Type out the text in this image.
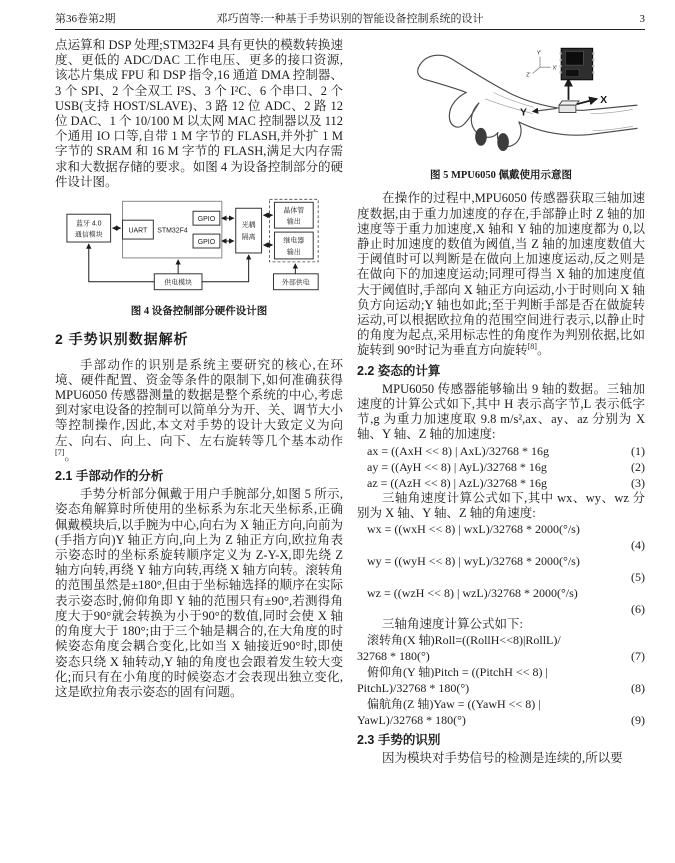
第36卷第2期	邓巧茵等:一种基于手势识别的智能设备控制系统的设计	3

点运算和 DSP 处理;STM32F4 具有更快的模数转换速度、更低的 ADC/DAC 工作电压、更多的接口资源,该芯片集成 FPU 和 DSP 指令,16 通道 DMA 控制器、3 个 SPI、2 个全双工 I²S、3 个 I²C、6 个串口、2 个 USB(支持 HOST/SLAVE)、3 路 12 位 ADC、2 路 12 位 DAC、1 个 10/100 M 以太网 MAC 控制器以及 112 个通用 IO 口等,自带 1 M 字节的 FLASH,并外扩 1 M 字节的 SRAM 和 16 M 字节的 FLASH,满足大内存需求和大数据存储的要求。如图 4 为设备控制部分的硬件设计图。

蓝牙 4.0
通信模块
UART STM32F4
GPIO
GPIO
光耦
隔离
晶体管
输出
继电器
输出
外部供电
供电模块
图 4 设备控制部分硬件设计图
2 手势识别数据解析

手部动作的识别是系统主要研究的核心,在环境、硬件配置、资金等条件的限制下,如何准确获得 MPU6050 传感器测量的数据是整个系统的中心,考虑到对家电设备的控制可以简单分为开、关、调节大小等控制操作,因此,本文对手势的设计大致定义为向左、向右、向上、向下、左右旋转等几个基本动作[7]。

2.1 手部动作的分析

手势分析部分佩戴于用户手腕部分,如图 5 所示,姿态角解算时所使用的坐标系为东北天坐标系,正确佩戴模块后,以手腕为中心,向右为 X 轴正方向,向前为(手指方向)Y 轴正方向,向上为 Z 轴正方向,欧拉角表示姿态时的坐标系旋转顺序定义为 Z-Y-X,即先绕 Z 轴方向转,再绕 Y 轴方向转,再绕 X 轴方向转。滚转角的范围虽然是±180°,但由于坐标轴选择的顺序在实际表示姿态时,俯仰角即 Y 轴的范围只有±90°,若测得角度大于90°就会转换为小于90°的数值,同时会使 X 轴的角度大于 180°;由于三个轴是耦合的,在大角度的时候姿态角度会耦合变化,比如当 X 轴接近90°时,即使姿态只绕 X 轴转动,Y 轴的角度也会跟着发生较大变化;而只有在小角度的时候姿态才会表现出独立变化,这是欧拉角表示姿态的固有问题。

X
Y
Y′
X′
Z′
图 5 MPU6050 佩戴使用示意图

在操作的过程中,MPU6050 传感器获取三轴加速度数据,由于重力加速度的存在,手部静止时 Z 轴的加速度等于重力加速度,X 轴和 Y 轴的加速度都为 0,以静止时加速度的数值为阈值,当 Z 轴的加速度数值大于阈值时可以判断是在做向上加速度运动,反之则是在做向下的加速度运动;同理可得当 X 轴的加速度值大于阈值时,手部向 X 轴正方向运动,小于时则向 X 轴负方向运动;Y 轴也如此;至于判断手部是否在做旋转运动,可以根据欧拉角的范围空间进行表示,以静止时的角度为起点,采用标志性的角度作为判别依据,比如旋转到 90°时记为垂直方向旋转[8]。

2.2 姿态的计算

MPU6050 传感器能够输出 9 轴的数据。三轴加速度的计算公式如下,其中 H 表示高字节,L 表示低字节,g 为重力加速度取 9.8 m/s²,ax、ay、az 分别为 X 轴、Y 轴、Z 轴的加速度:

ax = ((AxH << 8) | AxL)/32768 * 16g	(1)
ay = ((AyH << 8) | AyL)/32768 * 16g	(2)
az = ((AzH << 8) | AzL)/32768 * 16g	(3)

三轴角速度计算公式如下,其中 wx、wy、wz 分别为 X 轴、Y 轴、Z 轴的角速度:

wx = ((wxH << 8) | wxL)/32768 * 2000(°/s)
(4)
wy = ((wyH << 8) | wyL)/32768 * 2000(°/s)
(5)
wz = ((wzH << 8) | wzL)/32768 * 2000(°/s)
(6)

三轴角速度计算公式如下:

滚转角(X 轴)Roll=((RollH<<8)|RollL)/
32768 * 180(°)	(7)
俯仰角(Y 轴)Pitch = ((PitchH << 8) |
PitchL)/32768 * 180(°)	(8)
偏航角(Z 轴)Yaw = ((YawH << 8) |
YawL)/32768 * 180(°)	(9)
2.3 手势的识别

因为模块对手势信号的检测是连续的,所以要
